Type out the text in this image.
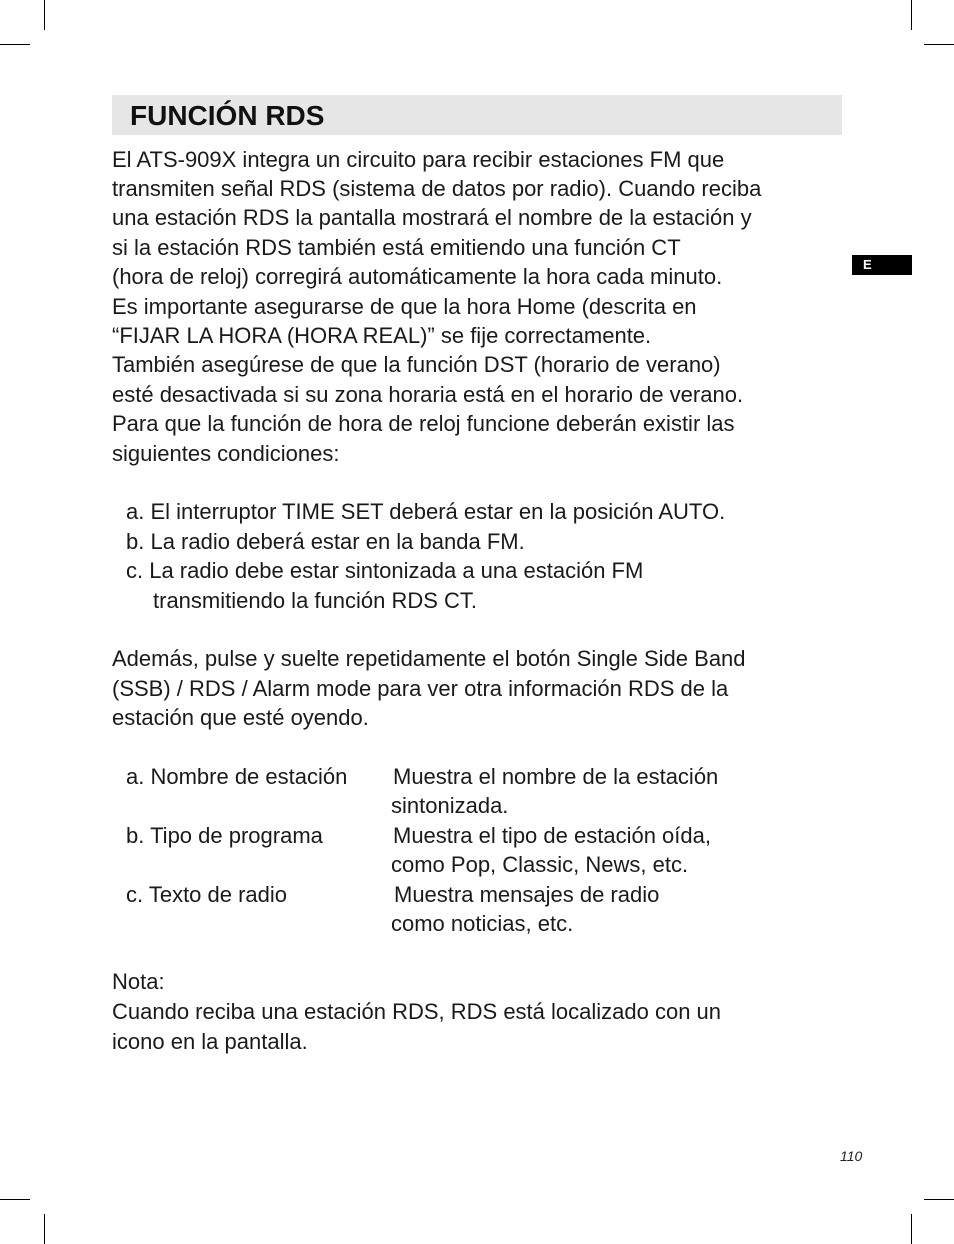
FUNCIÓN RDS
E
El ATS-909X integra un circuito para recibir estaciones FM que
transmiten señal RDS (sistema de datos por radio). Cuando reciba
una estación RDS la pantalla mostrará el nombre de la estación y
si la estación RDS también está emitiendo una función CT
(hora de reloj) corregirá automáticamente la hora cada minuto.
Es importante asegurarse de que la hora Home (descrita en
“FIJAR LA HORA (HORA REAL)” se fije correctamente.
También asegúrese de que la función DST (horario de verano)
esté desactivada si su zona horaria está en el horario de verano.
Para que la función de hora de reloj funcione deberán existir las
siguientes condiciones:
a. El interruptor TIME SET deberá estar en la posición AUTO.
b. La radio deberá estar en la banda FM.
c. La radio debe estar sintonizada a una estación FM
transmitiendo la función RDS CT.
Además, pulse y suelte repetidamente el botón Single Side Band
(SSB) / RDS / Alarm mode para ver otra información RDS de la
estación que esté oyendo.
a. Nombre de estación Muestra el nombre de la estación
sintonizada.
b. Tipo de programa	Muestra el tipo de estación oída,
como Pop, Classic, News, etc.
c. Texto de radio	Muestra mensajes de radio
como noticias, etc.
Nota:
Cuando reciba una estación RDS, RDS está localizado con un
icono en la pantalla.
110
